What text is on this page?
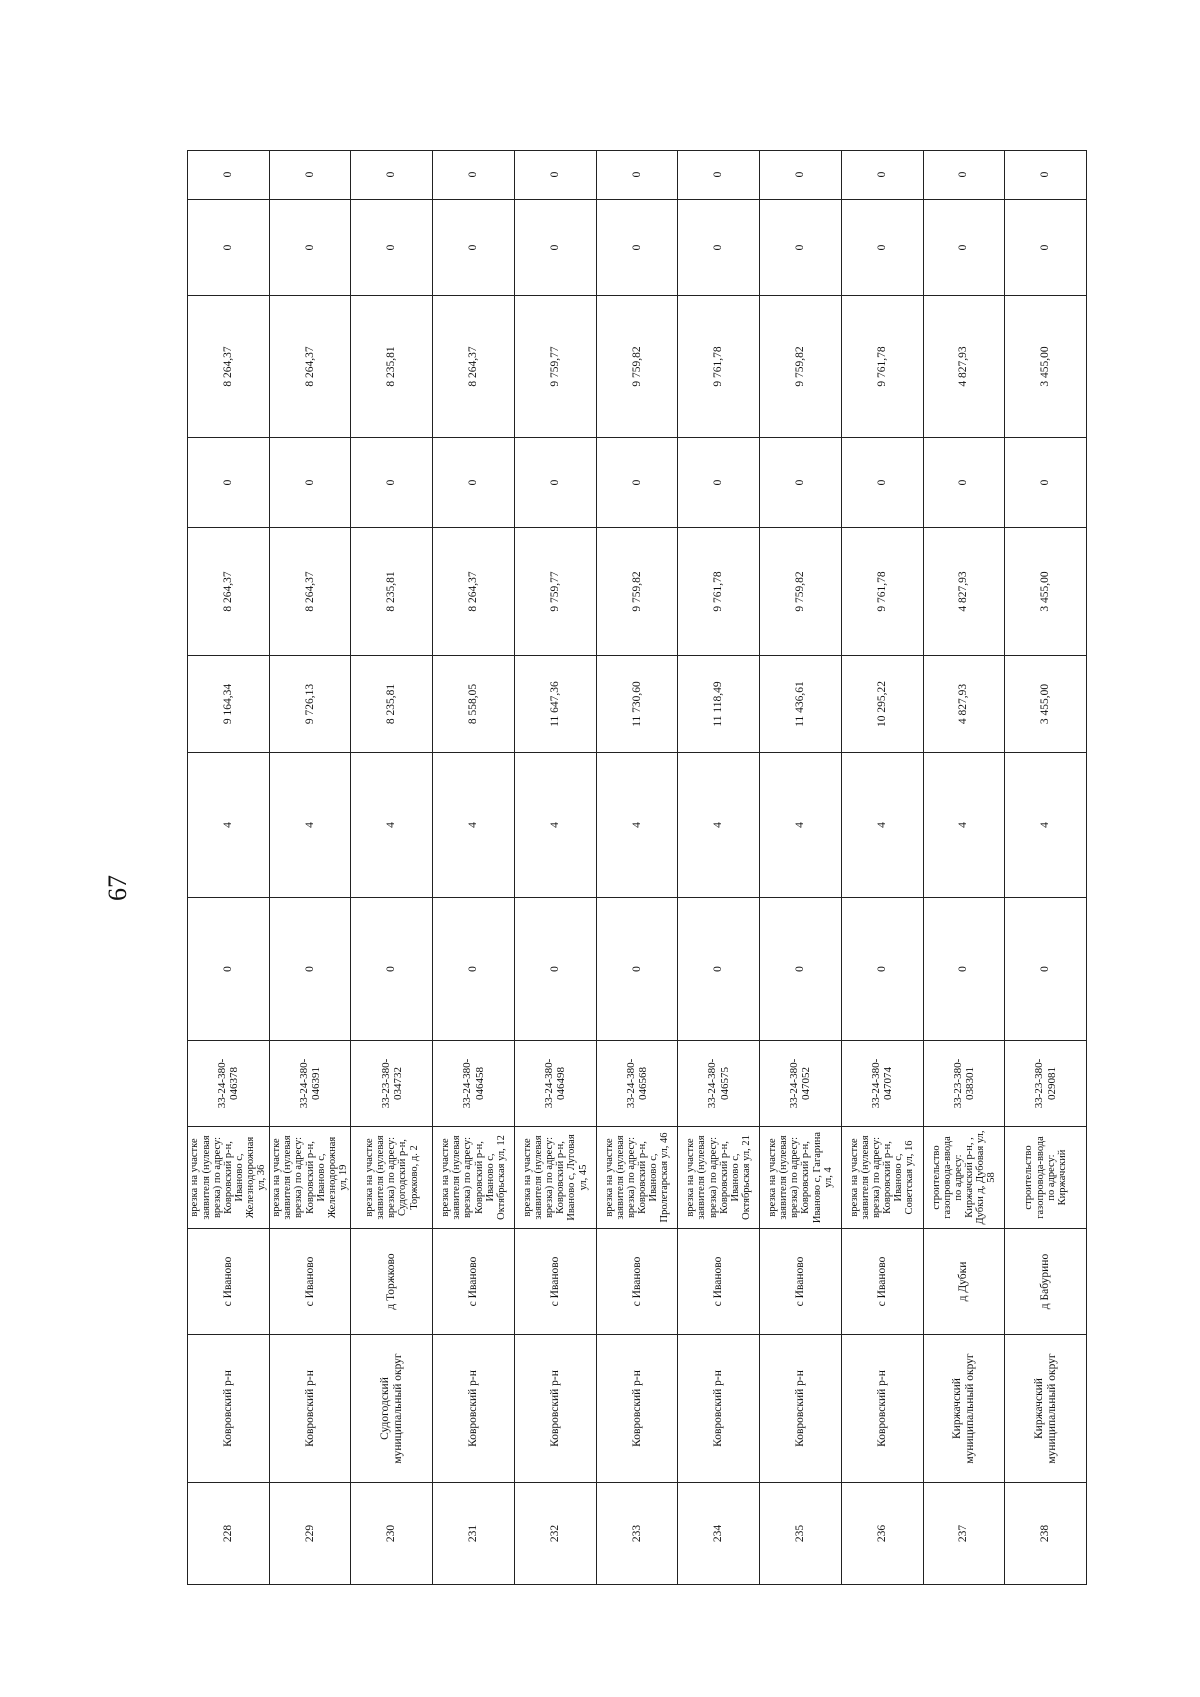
67
228
Ковровский р-н
с Иваново
врезка на участке заявителя (нулевая врезка) по адресу: Ковровский р-н, Иваново с, Железнодорожная ул, 36
33-24-380-046378
0
4
9 164,34
8 264,37
0
8 264,37
0
0
229
Ковровский р-н
с Иваново
врезка на участке заявителя (нулевая врезка) по адресу: Ковровский р-н, Иваново с, Железнодорожная ул, 19
33-24-380-046391
0
4
9 726,13
8 264,37
0
8 264,37
0
0
230
Судогодский муниципальный округ
д Торжково
врезка на участке заявителя (нулевая врезка) по адресу: Судогодский р-н, Торжково, д. 2
33-23-380-034732
0
4
8 235,81
8 235,81
0
8 235,81
0
0
231
Ковровский р-н
с Иваново
врезка на участке заявителя (нулевая врезка) по адресу: Ковровский р-н, Иваново с, Октябрьская ул, 12
33-24-380-046458
0
4
8 558,05
8 264,37
0
8 264,37
0
0
232
Ковровский р-н
с Иваново
врезка на участке заявителя (нулевая врезка) по адресу: Ковровский р-н, Иваново с, Луговая ул, 45
33-24-380-046498
0
4
11 647,36
9 759,77
0
9 759,77
0
0
233
Ковровский р-н
с Иваново
врезка на участке заявителя (нулевая врезка) по адресу: Ковровский р-н, Иваново с, Пролетарская ул, 46
33-24-380-046568
0
4
11 730,60
9 759,82
0
9 759,82
0
0
234
Ковровский р-н
с Иваново
врезка на участке заявителя (нулевая врезка) по адресу: Ковровский р-н, Иваново с, Октябрьская ул, 21
33-24-380-046575
0
4
11 118,49
9 761,78
0
9 761,78
0
0
235
Ковровский р-н
с Иваново
врезка на участке заявителя (нулевая врезка) по адресу: Ковровский р-н, Иваново с, Гагарина ул, 4
33-24-380-047052
0
4
11 436,61
9 759,82
0
9 759,82
0
0
236
Ковровский р-н
с Иваново
врезка на участке заявителя (нулевая врезка) по адресу: Ковровский р-н, Иваново с, Советская ул, 16
33-24-380-047074
0
4
10 295,22
9 761,78
0
9 761,78
0
0
237
Киржачский муниципальный округ
д Дубки
строительство газопровода-ввода по адресу: Киржачский р-н, , Дубки д, Дубовая ул, 58
33-23-380-038301
0
4
4 827,93
4 827,93
0
4 827,93
0
0
238
Киржачский муниципальный округ
д Бабурино
строительство газопровода-ввода по адресу: Киржачский
33-23-380-029081
0
4
3 455,00
3 455,00
0
3 455,00
0
0
